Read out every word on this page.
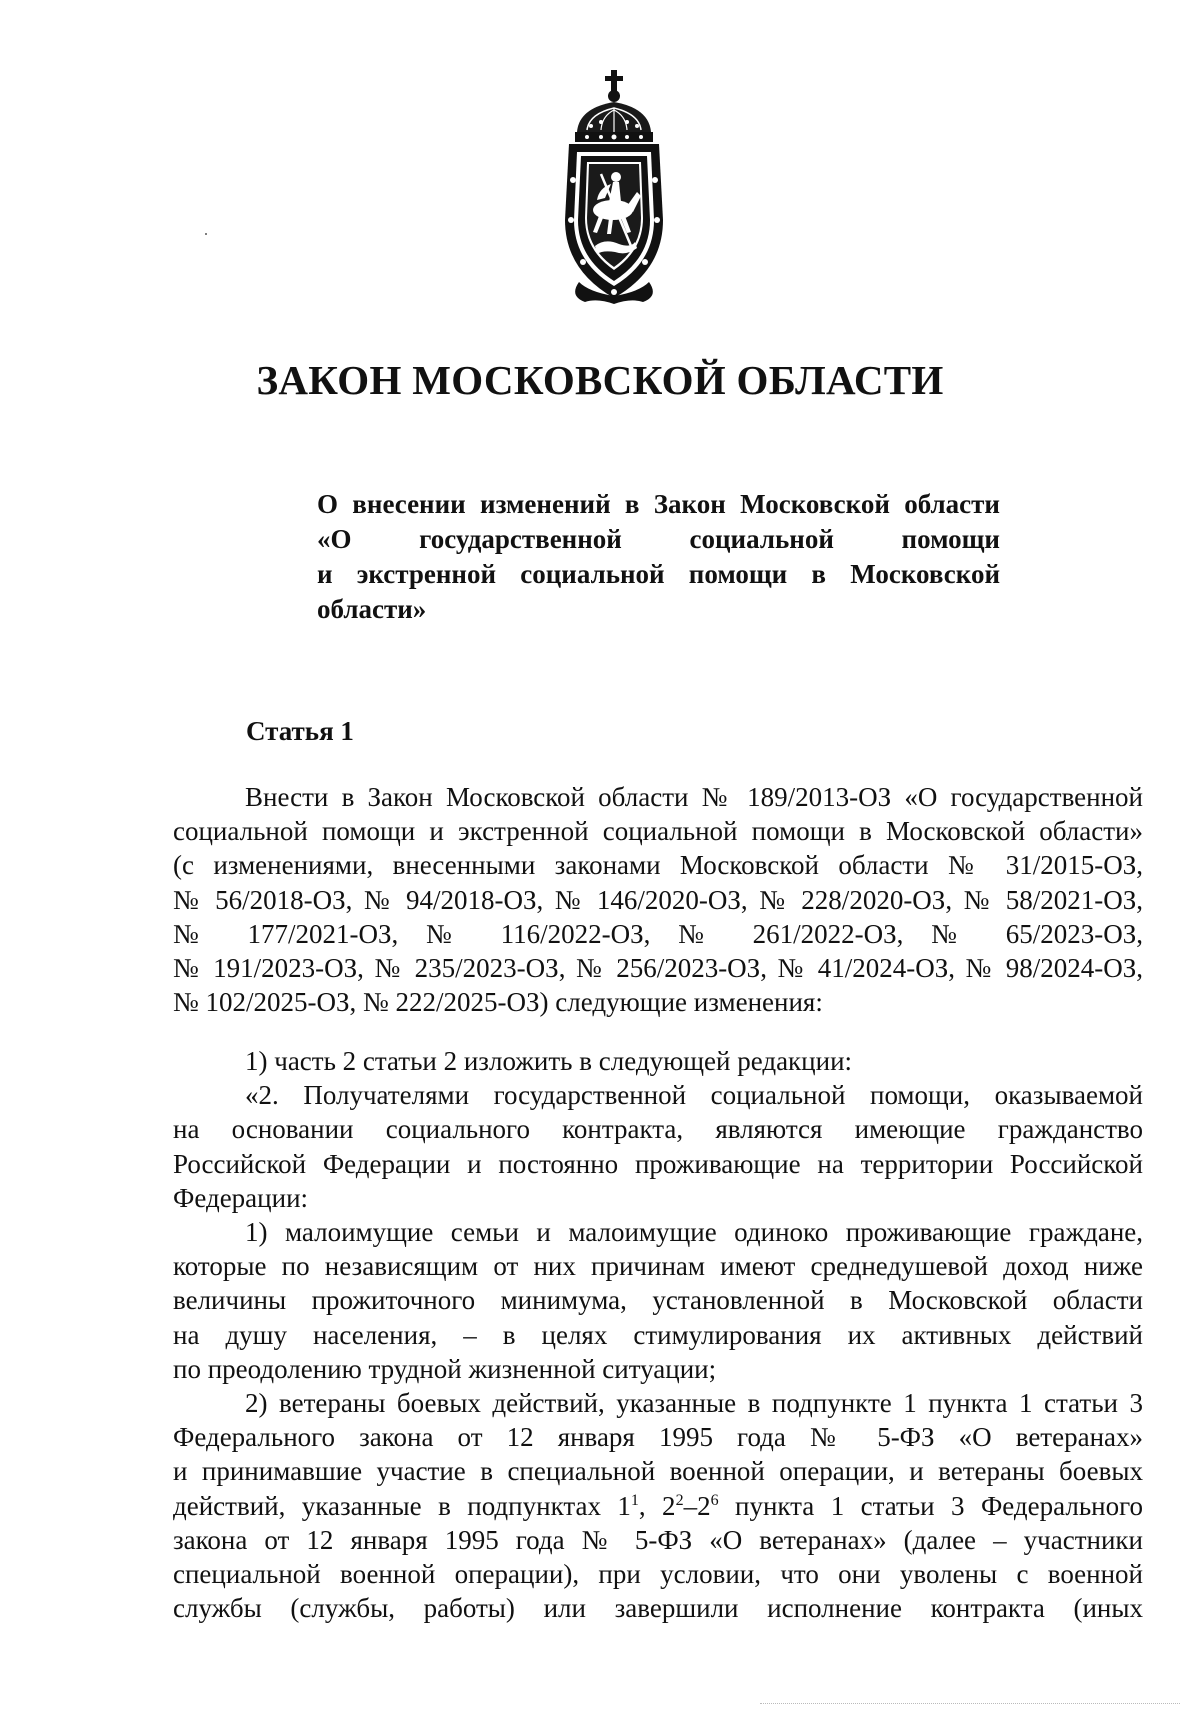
ЗАКОН МОСКОВСКОЙ ОБЛАСТИ
О внесении изменений в Закон Московской области
«О государственной социальной помощи
и экстренной социальной помощи в Московской
области»
Статья 1
Внести в Закон Московской области № 189/2013-ОЗ «О государственной
социальной помощи и экстренной социальной помощи в Московской области»
(с изменениями, внесенными законами Московской области № 31/2015-ОЗ,
№ 56/2018-ОЗ, № 94/2018-ОЗ, № 146/2020-ОЗ, № 228/2020-ОЗ, № 58/2021-ОЗ,
№ 177/2021-ОЗ, № 116/2022-ОЗ, № 261/2022-ОЗ, № 65/2023-ОЗ,
№ 191/2023-ОЗ, № 235/2023-ОЗ, № 256/2023-ОЗ, № 41/2024-ОЗ, № 98/2024-ОЗ,
№ 102/2025-ОЗ, № 222/2025-ОЗ) следующие изменения:
1) часть 2 статьи 2 изложить в следующей редакции:
«2. Получателями государственной социальной помощи, оказываемой
на основании социального контракта, являются имеющие гражданство
Российской Федерации и постоянно проживающие на территории Российской
Федерации:
1) малоимущие семьи и малоимущие одиноко проживающие граждане,
которые по независящим от них причинам имеют среднедушевой доход ниже
величины прожиточного минимума, установленной в Московской области
на душу населения, – в целях стимулирования их активных действий
по преодолению трудной жизненной ситуации;
2) ветераны боевых действий, указанные в подпункте 1 пункта 1 статьи 3
Федерального закона от 12 января 1995 года № 5-ФЗ «О ветеранах»
и принимавшие участие в специальной военной операции, и ветераны боевых
действий, указанные в подпунктах $1^1$, $2^2-2^6$ пункта 1 статьи 3 Федерального
закона от 12 января 1995 года № 5-ФЗ «О ветеранах» (далее – участники
специальной военной операции), при условии, что они уволены с военной
службы (службы, работы) или завершили исполнение контракта (иных
